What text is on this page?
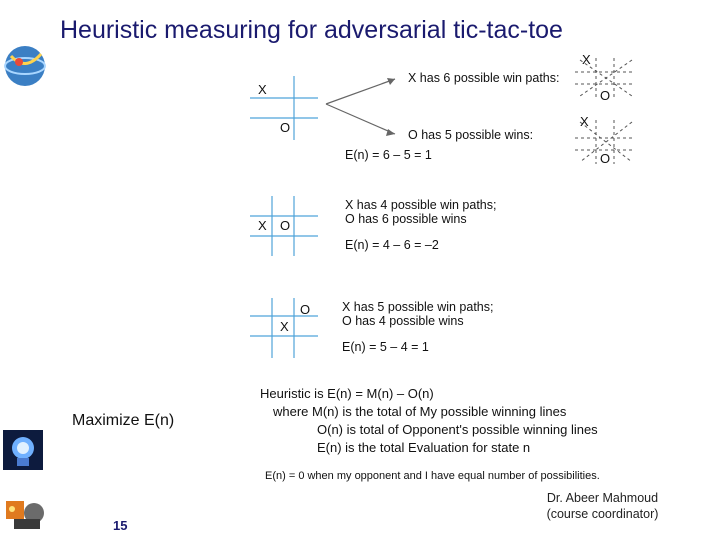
Heuristic measuring for adversarial tic-tac-toe
X
O
X
O
X
O
X O
O
X
X has 6 possible win paths:
O has 5 possible wins:
E(n) = 6 – 5 = 1
X has 4 possible win paths;
O has 6 possible wins
E(n) = 4 – 6 = –2
X has 5 possible win paths;
O has 4 possible wins
E(n) = 5 – 4 = 1
Heuristic is E(n) = M(n) – O(n)
where M(n) is the total of My possible winning lines
O(n) is total of Opponent's possible winning lines
E(n) is the total Evaluation for state n
Maximize E(n)
E(n) = 0 when my opponent and I have equal number of possibilities.
Dr. Abeer Mahmoud
(course coordinator)
15
